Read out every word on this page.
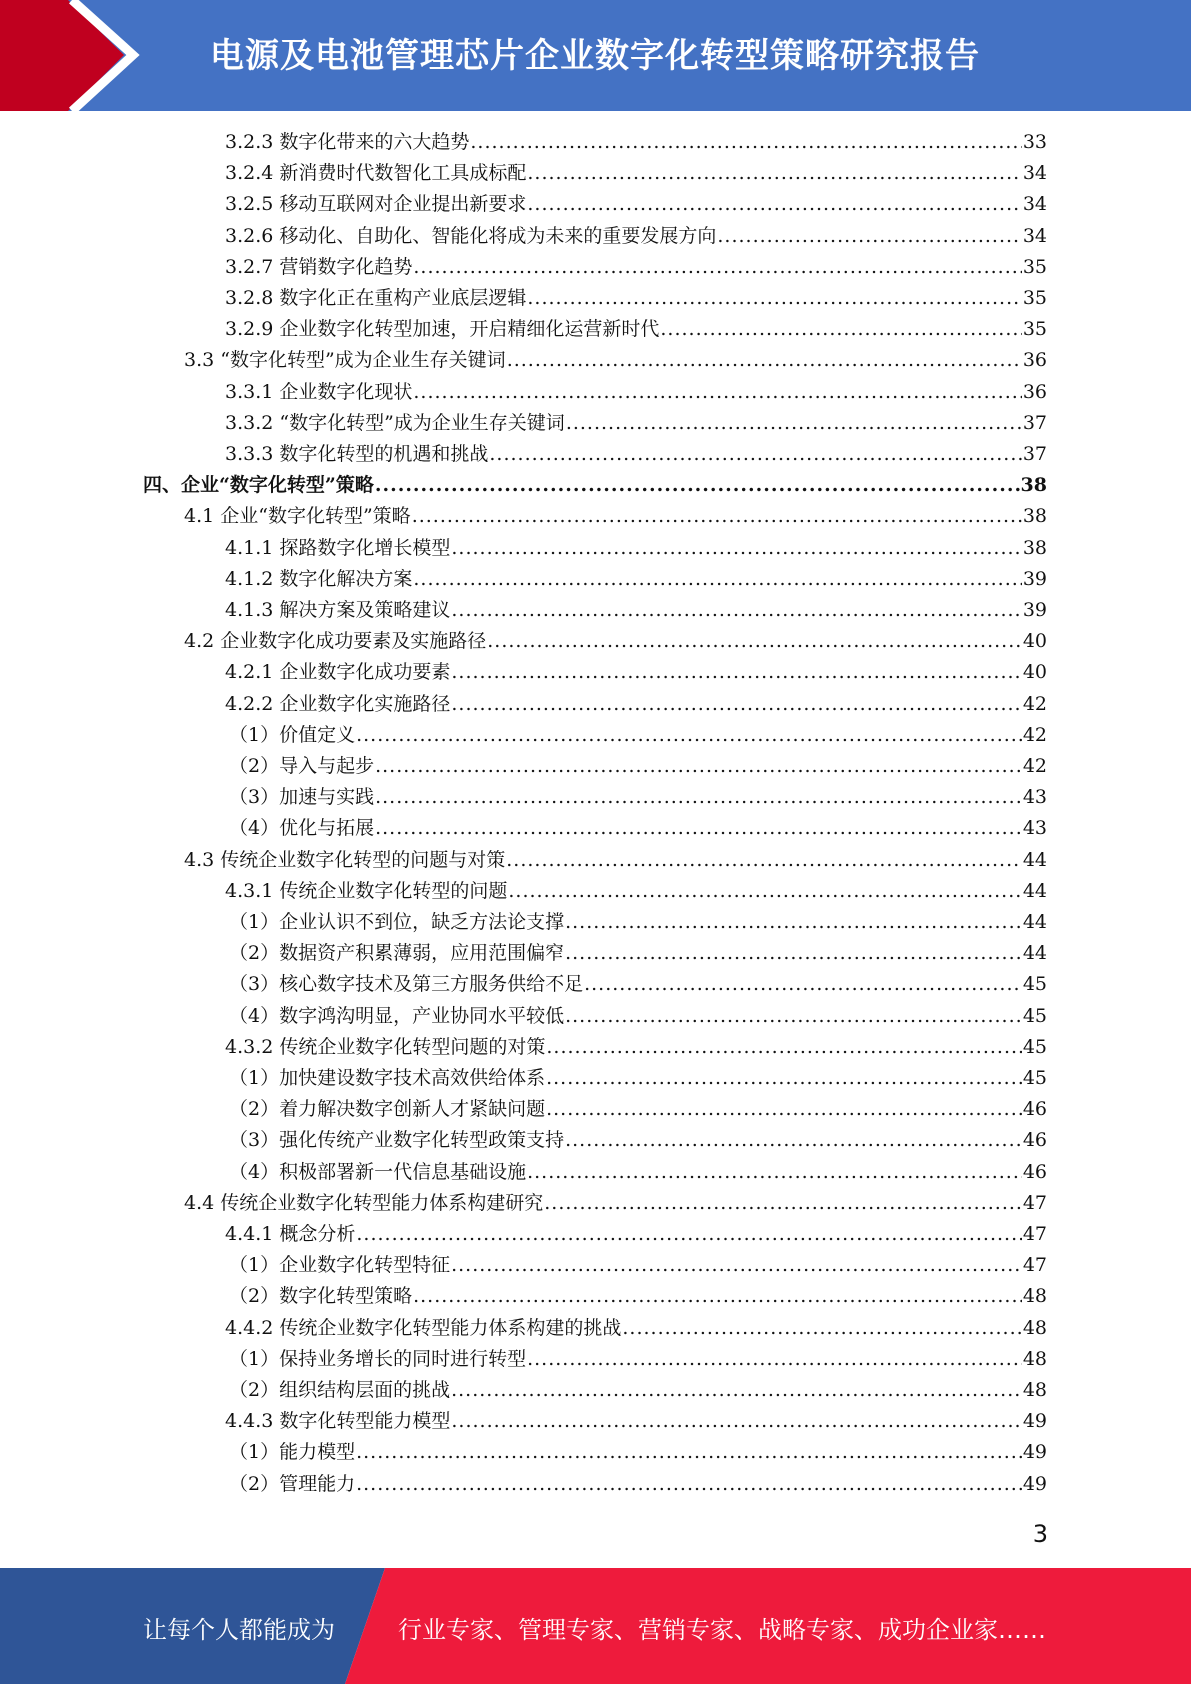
电源及电池管理芯片企业数字化转型策略研究报告
3.2.3 数字化带来的六大趋势 .....	33
3.2.4 新消费时代数智化工具成标配 .....	34
3.2.5 移动互联网对企业提出新要求 .....	34
3.2.6 移动化、自助化、智能化将成为未来的重要发展方向 .....	34
3.2.7 营销数字化趋势 .....	35
3.2.8 数字化正在重构产业底层逻辑 .....	35
3.2.9 企业数字化转型加速，开启精细化运营新时代 .....	35
3.3 “数字化转型”成为企业生存关键词 .....	36
3.3.1 企业数字化现状 .....	36
3.3.2 “数字化转型”成为企业生存关键词 .....	37
3.3.3 数字化转型的机遇和挑战 .....	37
四、企业“数字化转型”策略 .....	38
4.1 企业“数字化转型”策略 .....	38
4.1.1 探路数字化增长模型 .....	38
4.1.2 数字化解决方案 .....	39
4.1.3 解决方案及策略建议 .....	39
4.2 企业数字化成功要素及实施路径 .....	40
4.2.1 企业数字化成功要素 .....	40
4.2.2 企业数字化实施路径 .....	42
（1）价值定义 .....	42
（2）导入与起步 .....	42
（3）加速与实践 .....	43
（4）优化与拓展 .....	43
4.3 传统企业数字化转型的问题与对策 .....	44
4.3.1 传统企业数字化转型的问题 .....	44
（1）企业认识不到位，缺乏方法论支撑 .....	44
（2）数据资产积累薄弱，应用范围偏窄 .....	44
（3）核心数字技术及第三方服务供给不足 .....	45
（4）数字鸿沟明显，产业协同水平较低 .....	45
4.3.2 传统企业数字化转型问题的对策 .....	45
（1）加快建设数字技术高效供给体系 .....	45
（2）着力解决数字创新人才紧缺问题 .....	46
（3）强化传统产业数字化转型政策支持 .....	46
（4）积极部署新一代信息基础设施 .....	46
4.4 传统企业数字化转型能力体系构建研究 .....	47
4.4.1 概念分析 .....	47
（1）企业数字化转型特征 .....	47
（2）数字化转型策略 .....	48
4.4.2 传统企业数字化转型能力体系构建的挑战 .....	48
（1）保持业务增长的同时进行转型 .....	48
（2）组织结构层面的挑战 .....	48
4.4.3 数字化转型能力模型 .....	49
（1）能力模型 .....	49
（2）管理能力 .....	49
3
让每个人都能成为	行业专家、管理专家、营销专家、战略专家、成功企业家……
